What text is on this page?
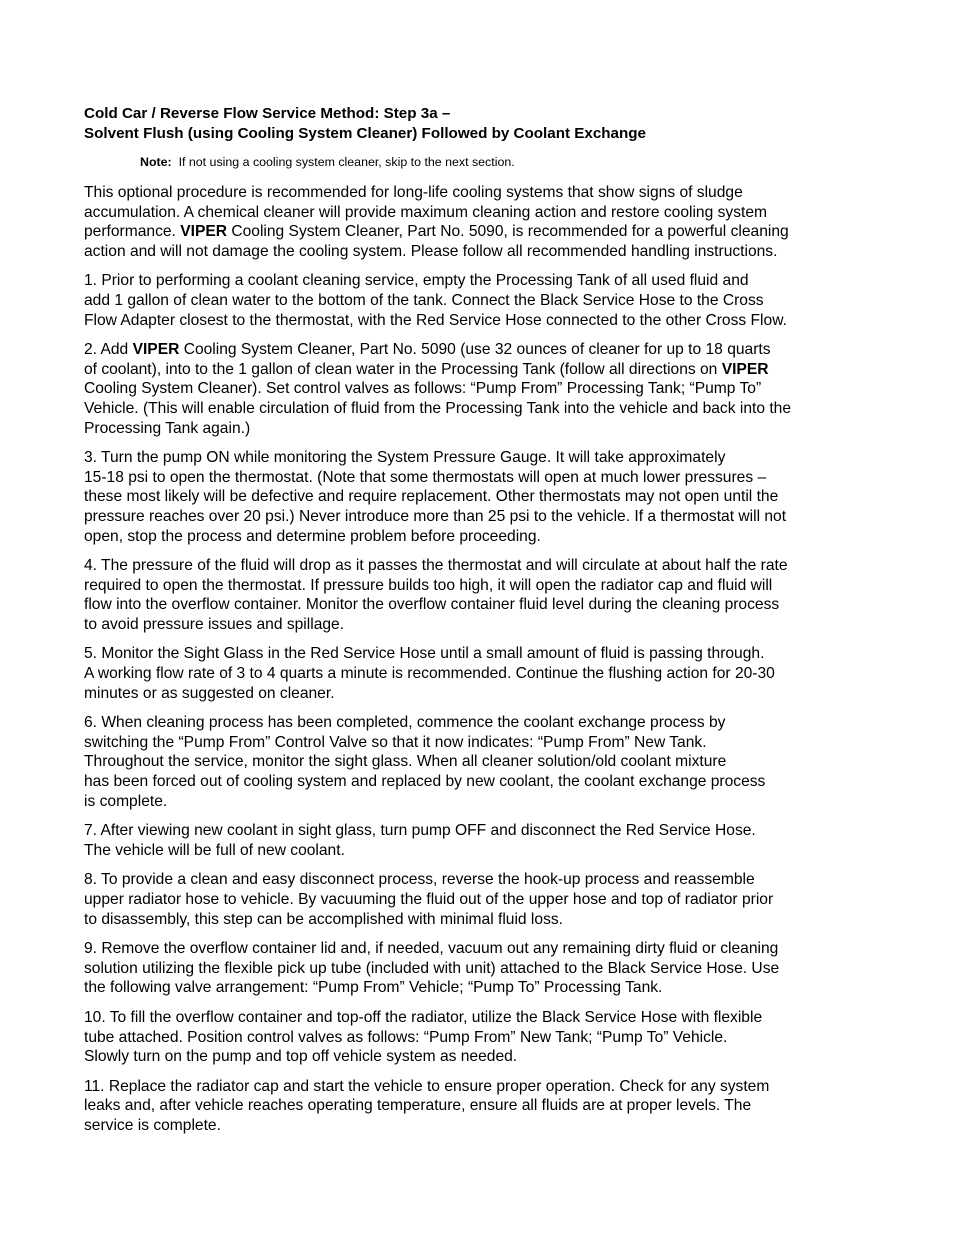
Cold Car / Reverse Flow Service Method: Step 3a –
Solvent Flush (using Cooling System Cleaner) Followed by Coolant Exchange

Note: If not using a cooling system cleaner, skip to the next section.

This optional procedure is recommended for long-life cooling systems that show signs of sludge
accumulation. A chemical cleaner will provide maximum cleaning action and restore cooling system
performance. VIPER Cooling System Cleaner, Part No. 5090, is recommended for a powerful cleaning
action and will not damage the cooling system. Please follow all recommended handling instructions.

1. Prior to performing a coolant cleaning service, empty the Processing Tank of all used fluid and
add 1 gallon of clean water to the bottom of the tank. Connect the Black Service Hose to the Cross
Flow Adapter closest to the thermostat, with the Red Service Hose connected to the other Cross Flow.

2. Add VIPER Cooling System Cleaner, Part No. 5090 (use 32 ounces of cleaner for up to 18 quarts
of coolant), into to the 1 gallon of clean water in the Processing Tank (follow all directions on VIPER
Cooling System Cleaner). Set control valves as follows: “Pump From” Processing Tank; “Pump To”
Vehicle. (This will enable circulation of fluid from the Processing Tank into the vehicle and back into the
Processing Tank again.)

3. Turn the pump ON while monitoring the System Pressure Gauge. It will take approximately
15-18 psi to open the thermostat. (Note that some thermostats will open at much lower pressures –
these most likely will be defective and require replacement. Other thermostats may not open until the
pressure reaches over 20 psi.) Never introduce more than 25 psi to the vehicle. If a thermostat will not
open, stop the process and determine problem before proceeding.

4. The pressure of the fluid will drop as it passes the thermostat and will circulate at about half the rate
required to open the thermostat. If pressure builds too high, it will open the radiator cap and fluid will
flow into the overflow container. Monitor the overflow container fluid level during the cleaning process
to avoid pressure issues and spillage.

5. Monitor the Sight Glass in the Red Service Hose until a small amount of fluid is passing through.
A working flow rate of 3 to 4 quarts a minute is recommended. Continue the flushing action for 20-30
minutes or as suggested on cleaner.

6. When cleaning process has been completed, commence the coolant exchange process by
switching the “Pump From” Control Valve so that it now indicates: “Pump From” New Tank.
Throughout the service, monitor the sight glass. When all cleaner solution/old coolant mixture
has been forced out of cooling system and replaced by new coolant, the coolant exchange process
is complete.

7. After viewing new coolant in sight glass, turn pump OFF and disconnect the Red Service Hose.
The vehicle will be full of new coolant.

8. To provide a clean and easy disconnect process, reverse the hook-up process and reassemble
upper radiator hose to vehicle. By vacuuming the fluid out of the upper hose and top of radiator prior
to disassembly, this step can be accomplished with minimal fluid loss.

9. Remove the overflow container lid and, if needed, vacuum out any remaining dirty fluid or cleaning
solution utilizing the flexible pick up tube (included with unit) attached to the Black Service Hose. Use
the following valve arrangement: “Pump From” Vehicle; “Pump To” Processing Tank.

10. To fill the overflow container and top-off the radiator, utilize the Black Service Hose with flexible
tube attached. Position control valves as follows: “Pump From” New Tank; “Pump To” Vehicle.
Slowly turn on the pump and top off vehicle system as needed.

11. Replace the radiator cap and start the vehicle to ensure proper operation. Check for any system
leaks and, after vehicle reaches operating temperature, ensure all fluids are at proper levels. The
service is complete.
